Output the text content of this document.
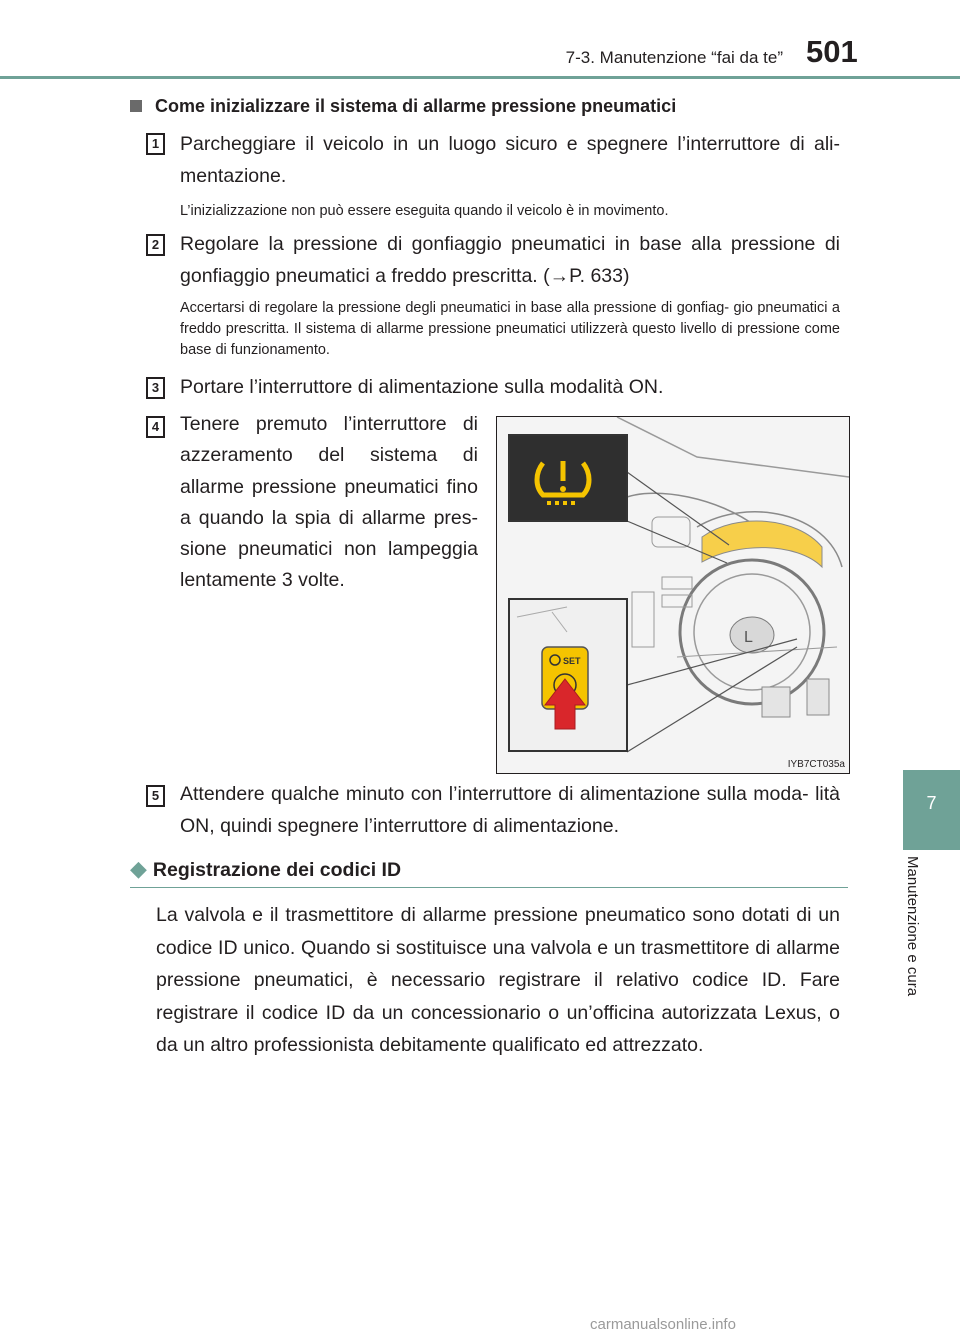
7-3. Manutenzione “fai da te” 501
7
Manutenzione e cura
Come inizializzare il sistema di allarme pressione pneumatici
1	Parcheggiare il veicolo in un luogo sicuro e spegnere l’interruttore di ali- mentazione.
L’inizializzazione non può essere eseguita quando il veicolo è in movimento.
2	Regolare la pressione di gonfiaggio pneumatici in base alla pressione di gonfiaggio pneumatici a freddo prescritta. (→P. 633)
Accertarsi di regolare la pressione degli pneumatici in base alla pressione di gonfiag- gio pneumatici a freddo prescritta. Il sistema di allarme pressione pneumatici utilizzerà questo livello di pressione come base di funzionamento.
3	Portare l’interruttore di alimentazione sulla modalità ON.
4	Tenere premuto l’interruttore di azzeramento del sistema di allarme pressione pneumatici fino a quando la spia di allarme pres- sione pneumatici non lampeggia lentamente 3 volte.
L
SET
IYB7CT035a
5	Attendere qualche minuto con l’interruttore di alimentazione sulla moda- lità ON, quindi spegnere l’interruttore di alimentazione.
◆ Registrazione dei codici ID
La valvola e il trasmettitore di allarme pressione pneumatico sono dotati di un codice ID unico. Quando si sostituisce una valvola e un trasmettitore di allarme pressione pneumatici, è necessario registrare il relativo codice ID. Fare registrare il codice ID da un concessionario o un’officina autorizzata Lexus, o da un altro professionista debitamente qualificato ed attrezzato.
carmanualsonline.info
